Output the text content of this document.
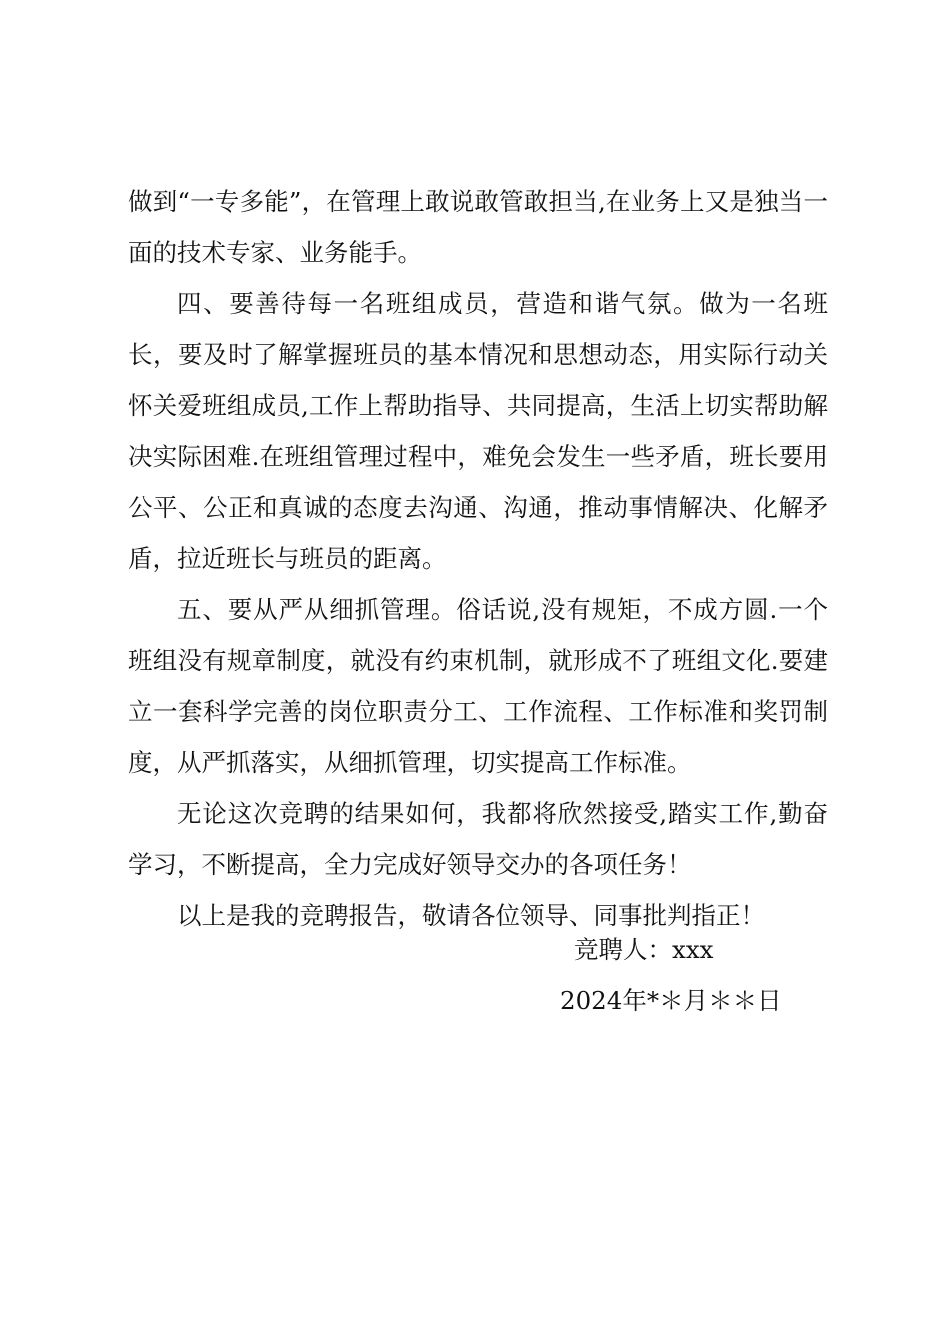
做到“一专多能”，在管理上敢说敢管敢担当,在业务上又是独当一面的技术专家、业务能手。

四、要善待每一名班组成员，营造和谐气氛。做为一名班长，要及时了解掌握班员的基本情况和思想动态，用实际行动关怀关爱班组成员,工作上帮助指导、共同提高，生活上切实帮助解决实际困难.在班组管理过程中，难免会发生一些矛盾，班长要用公平、公正和真诚的态度去沟通、沟通，推动事情解决、化解矛盾，拉近班长与班员的距离。

五、要从严从细抓管理。俗话说,没有规矩，不成方圆.一个班组没有规章制度，就没有约束机制，就形成不了班组文化.要建立一套科学完善的岗位职责分工、工作流程、工作标准和奖罚制度，从严抓落实，从细抓管理，切实提高工作标准。

无论这次竞聘的结果如何，我都将欣然接受,踏实工作,勤奋学习，不断提高，全力完成好领导交办的各项任务！

以上是我的竞聘报告，敬请各位领导、同事批判指正！

竞聘人：xxx
2024年*＊月＊＊日
